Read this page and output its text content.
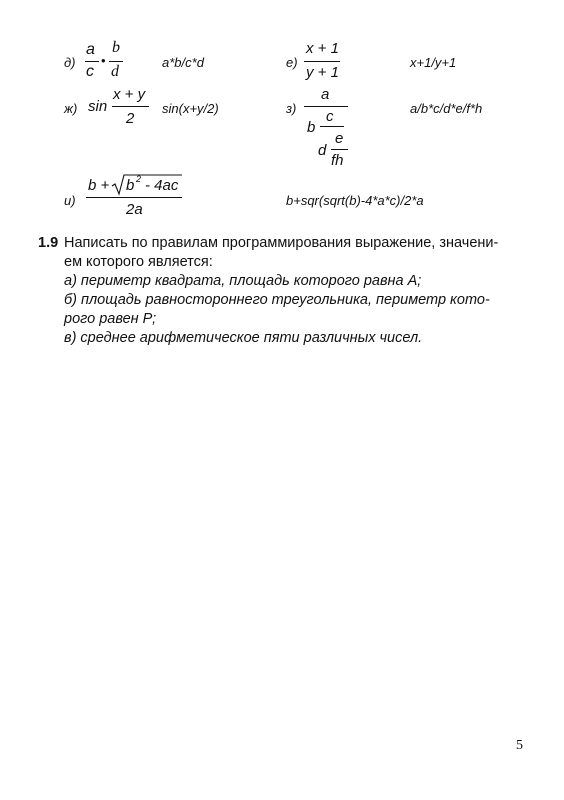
д)
a
c
•
b
d
a*b/c*d	е)
x + 1
y + 1
x+1/y+1
ж) sin
x + y
2
sin(x+y/2)	з)
a
b
c
d
e
fh
a/b*c/d*e/f*h
и)
b + b 2 - 4ac
2a
b+sqr(sqrt(b)-4*a*c)/2*a
1.9 Написать по правилам программирования выражение, значени-
ем которого является:
а) периметр квадрата, площадь которого равна А;
б) площадь равностороннего треугольника, периметр кото-
рого равен Р;
в) среднее арифметическое пяти различных чисел.
5
